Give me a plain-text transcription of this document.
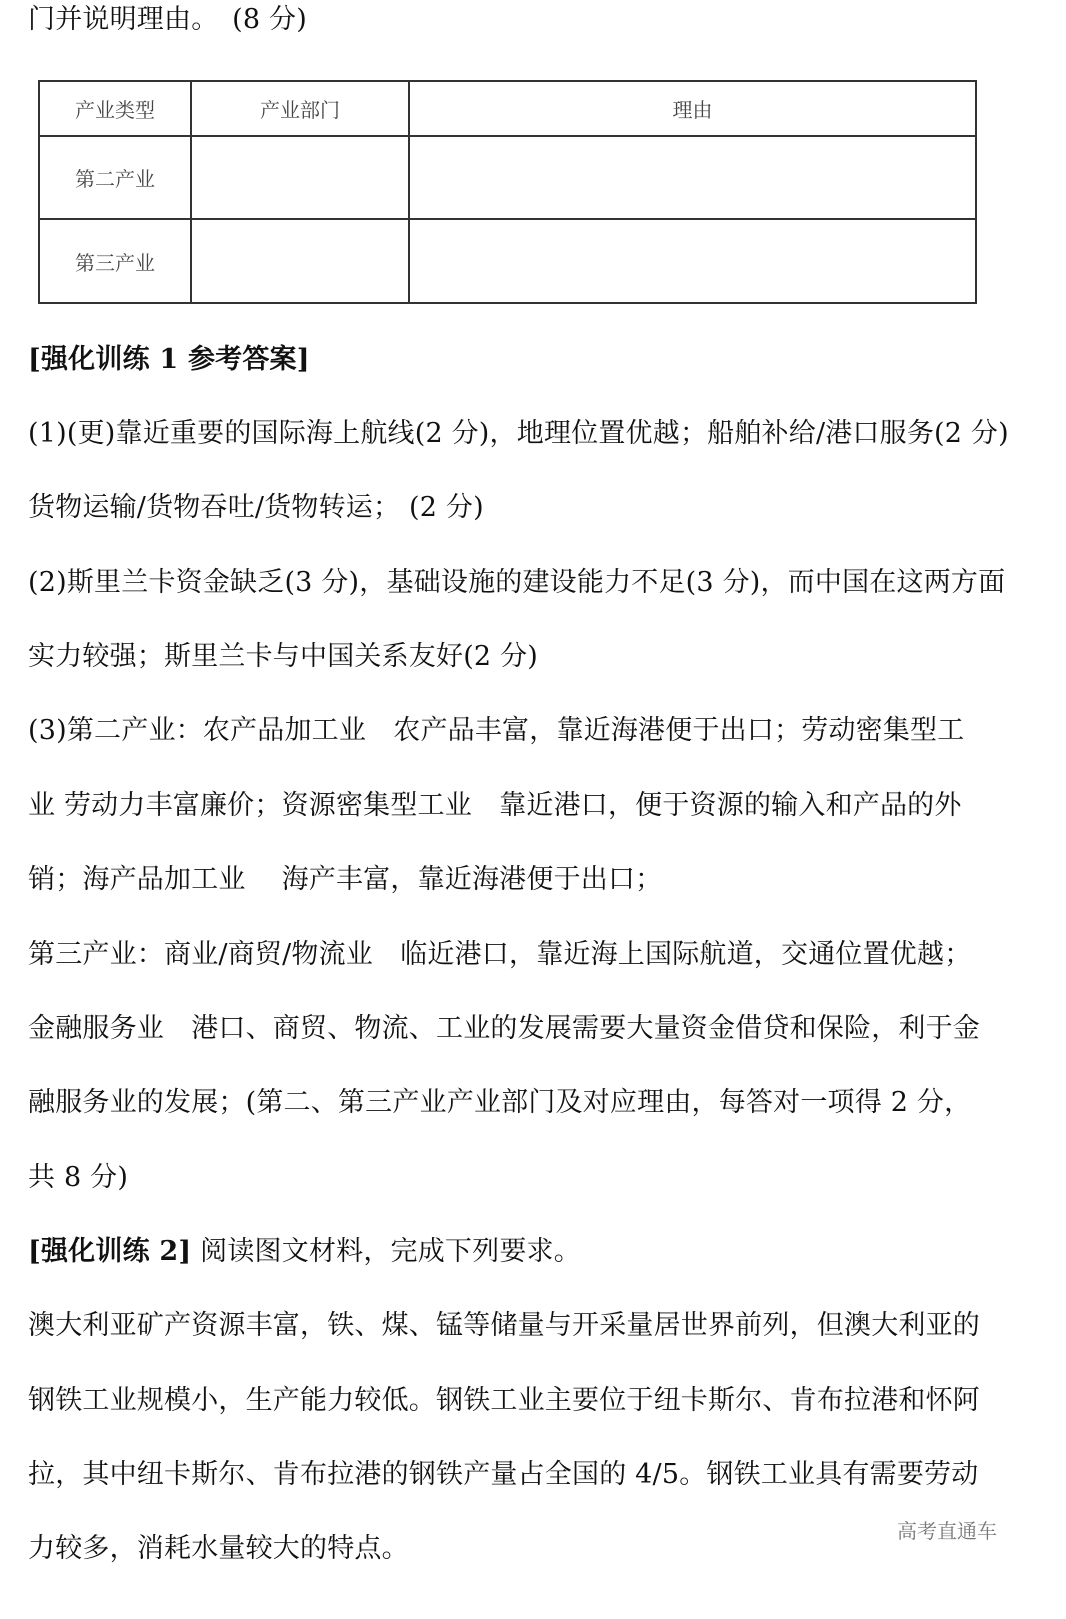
门并说明理由。　(8 分)
产业类型	产业部门	理由
第二产业
第三产业
[强化训练 1 参考答案]
(1)(更)靠近重要的国际海上航线(2 分)，地理位置优越；船舶补给/港口服务(2 分)
货物运输/货物吞吐/货物转运； (2 分)
(2)斯里兰卡资金缺乏(3 分)，基础设施的建设能力不足(3 分)，而中国在这两方面
实力较强；斯里兰卡与中国关系友好(2 分)
(3)第二产业：农产品加工业　农产品丰富，靠近海港便于出口；劳动密集型工
业 劳动力丰富廉价；资源密集型工业　靠近港口，便于资源的输入和产品的外
销；海产品加工业　 海产丰富，靠近海港便于出口；
第三产业：商业/商贸/物流业　临近港口，靠近海上国际航道，交通位置优越；
金融服务业　港口、商贸、物流、工业的发展需要大量资金借贷和保险，利于金
融服务业的发展；(第二、第三产业产业部门及对应理由，每答对一项得 2 分，
共 8 分)
[强化训练 2] 阅读图文材料，完成下列要求。
澳大利亚矿产资源丰富，铁、煤、锰等储量与开采量居世界前列，但澳大利亚的
钢铁工业规模小，生产能力较低。钢铁工业主要位于纽卡斯尔、肯布拉港和怀阿
拉，其中纽卡斯尔、肯布拉港的钢铁产量占全国的 4/5。钢铁工业具有需要劳动
力较多，消耗水量较大的特点。
高考直通车
